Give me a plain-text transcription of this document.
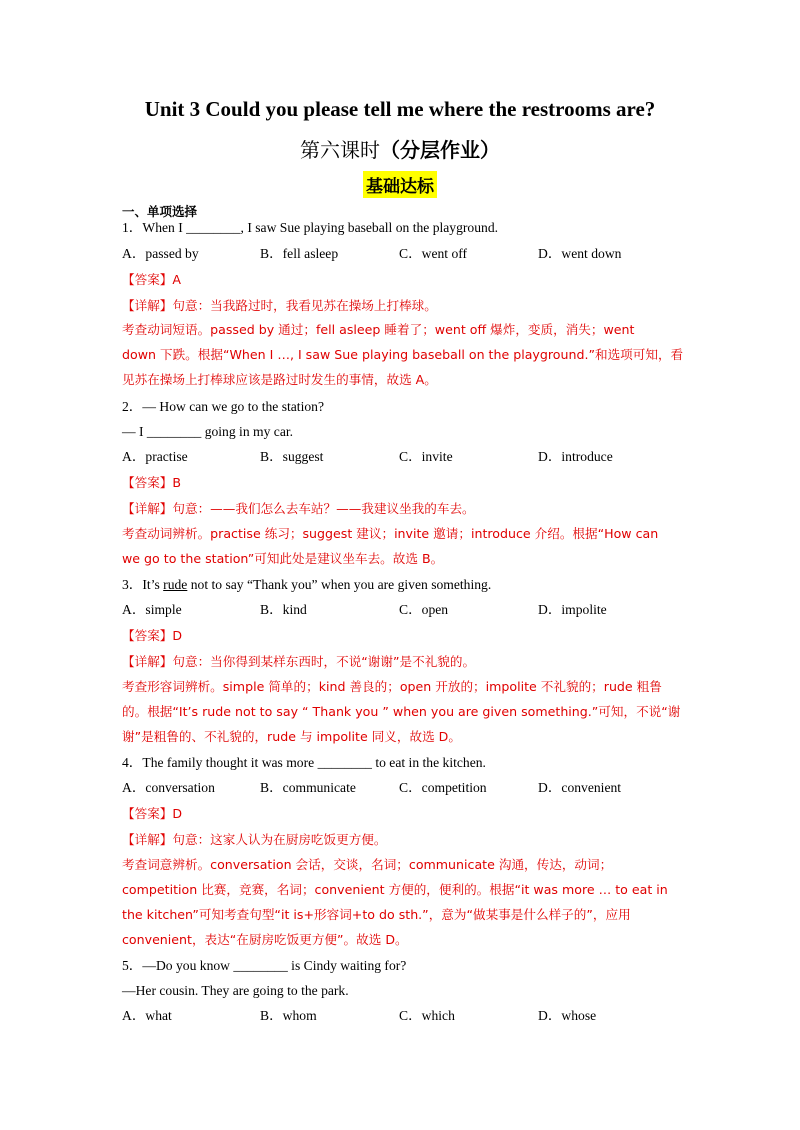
Unit 3 Could you please tell me where the restrooms are?
第六课时（分层作业）
基础达标
一、单项选择
1．When I ________, I saw Sue playing baseball on the playground.
A．passed by	B．fell asleep	C．went off	D．went down
【答案】A
【详解】句意：当我路过时，我看见苏在操场上打棒球。
考查动词短语。passed by 通过；fell asleep 睡着了；went off 爆炸，变质，消失；went
down 下跌。根据“When I …, I saw Sue playing baseball on the playground.”和选项可知，看
见苏在操场上打棒球应该是路过时发生的事情，故选 A。
2．— How can we go to the station?
— I ________ going in my car.
A．practise	B．suggest	C．invite	D．introduce
【答案】B
【详解】句意：——我们怎么去车站？——我建议坐我的车去。
考查动词辨析。practise 练习；suggest 建议；invite 邀请；introduce 介绍。根据“How can
we go to the station”可知此处是建议坐车去。故选 B。
3．It’s rude not to say “Thank you” when you are given something.
A．simple	B．kind	C．open	D．impolite
【答案】D
【详解】句意：当你得到某样东西时，不说“谢谢”是不礼貌的。
考查形容词辨析。simple 简单的；kind 善良的；open 开放的；impolite 不礼貌的；rude 粗鲁
的。根据“It’s rude not to say “ Thank you ” when you are given something.”可知，不说“谢
谢”是粗鲁的、不礼貌的，rude 与 impolite 同义，故选 D。
4．The family thought it was more ________ to eat in the kitchen.
A．conversation	B．communicate	C．competition	D．convenient
【答案】D
【详解】句意：这家人认为在厨房吃饭更方便。
考查词意辨析。conversation 会话，交谈，名词；communicate 沟通，传达，动词；
competition 比赛，竞赛，名词；convenient 方便的，便利的。根据“it was more … to eat in
the kitchen”可知考查句型“it is+形容词+to do sth.”，意为“做某事是什么样子的”，应用
convenient，表达“在厨房吃饭更方便”。故选 D。
5．—Do you know ________ is Cindy waiting for?
—Her cousin. They are going to the park.
A．what	B．whom	C．which	D．whose
